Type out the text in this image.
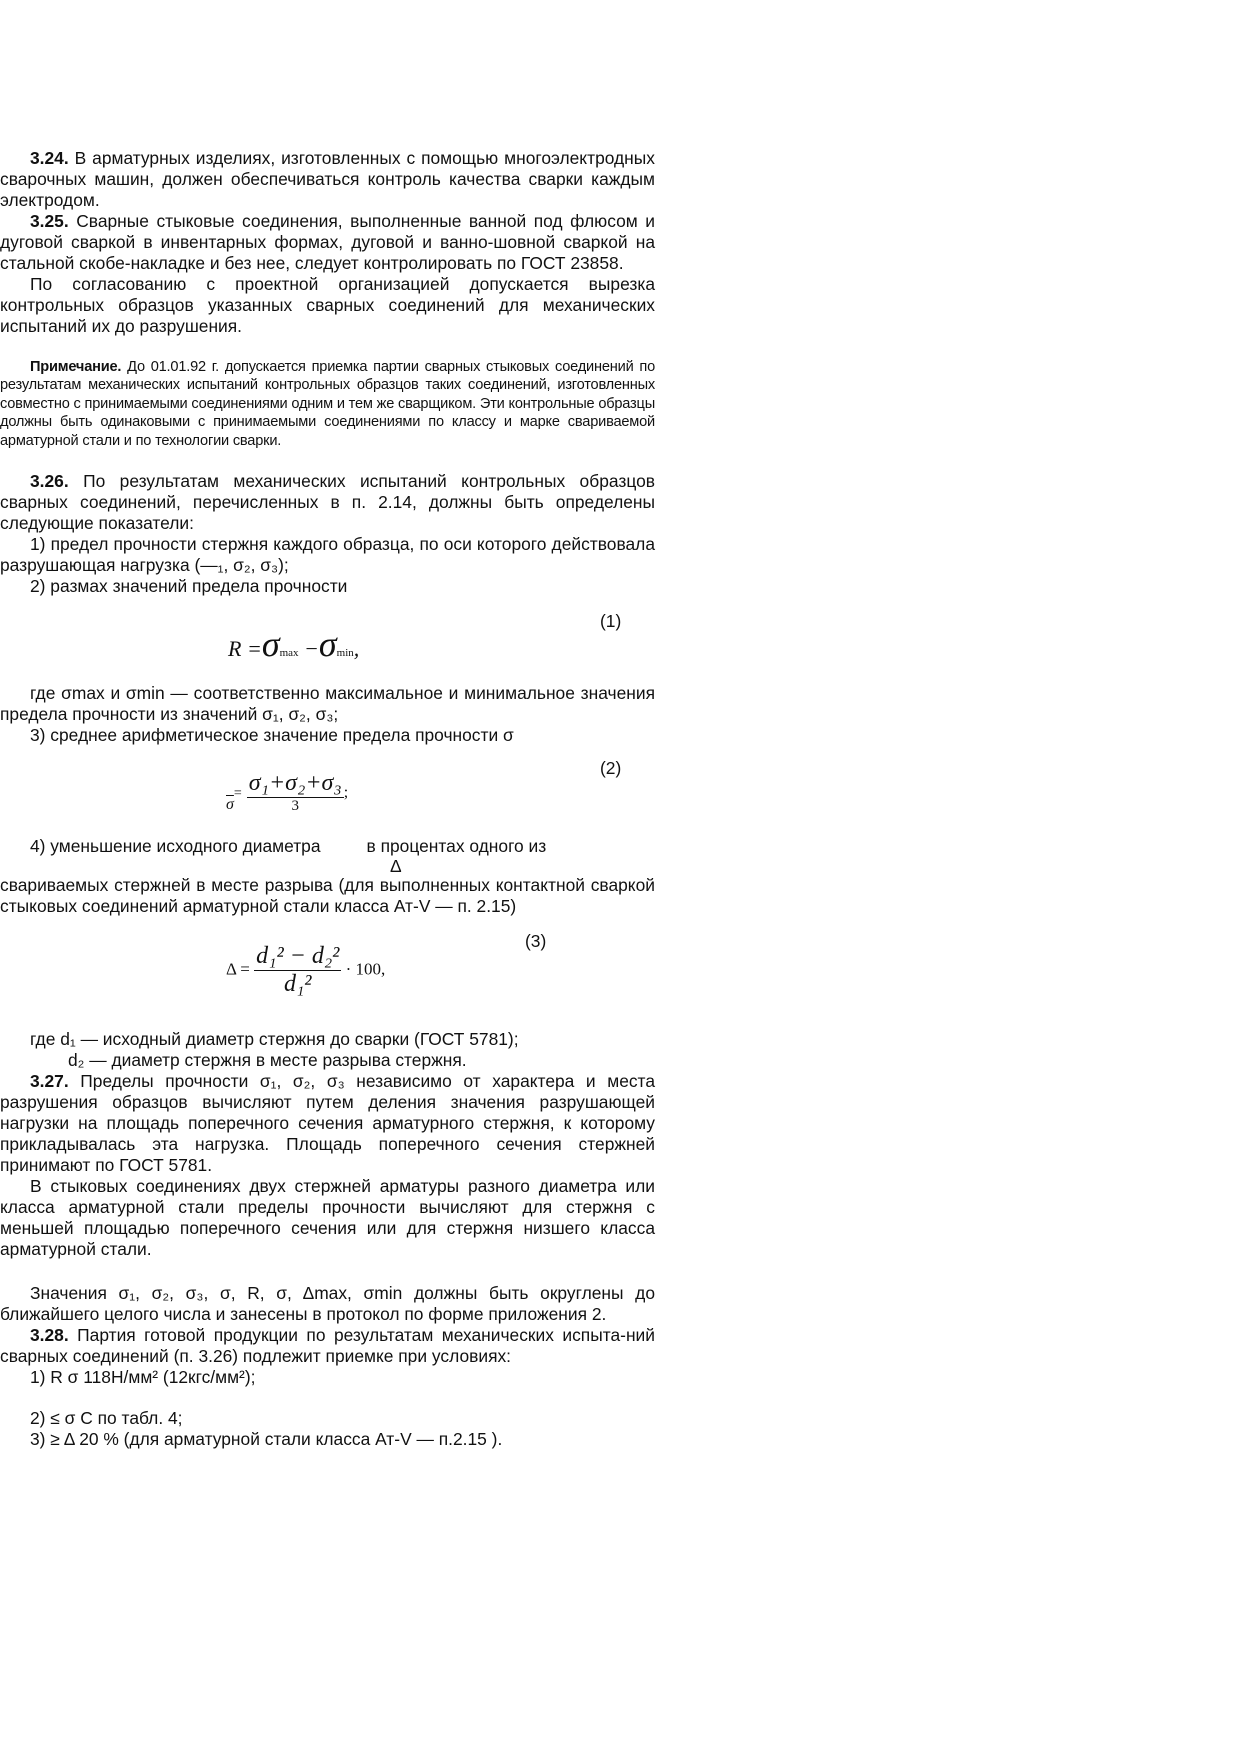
3.24. В арматурных изделиях, изготовленных с помощью многоэлектродных сварочных машин, должен обеспечиваться контроль качества сварки каждым электродом.

3.25. Сварные стыковые соединения, выполненные ванной под флюсом и дуговой сваркой в инвентарных формах, дуговой и ванно-шовной сваркой на стальной скобе-накладке и без нее, следует контролировать по ГОСТ 23858.

По согласованию с проектной организацией допускается вырезка контрольных образцов указанных сварных соединений для механических испытаний их до разрушения.

Примечание. До 01.01.92 г. допускается приемка партии сварных стыковых соединений по результатам механических испытаний контрольных образцов таких соединений, изготовленных совместно с принимаемыми соединениями одним и тем же сварщиком. Эти контрольные образцы должны быть одинаковыми с принимаемыми соединениями по классу и марке свариваемой арматурной стали и по технологии сварки.

3.26. По результатам механических испытаний контрольных образцов сварных соединений, перечисленных в п. 2.14, должны быть определены следующие показатели:

1) предел прочности стержня каждого образца, по оси которого действовала разрушающая нагрузка (—₁, σ₂, σ₃);

2) размах значений предела прочности

(1)
R =σmax −σmin,

где σmax и σmin — соответственно максимальное и минимальное значения предела прочности из значений σ₁, σ₂, σ₃;

3) среднее арифметическое значение предела прочности σ

(2)
$_{\overline{\sigma}}= \frac{\text{σ₁+σ₂+σ₃}}{3}$ ;

4) уменьшение исходного диаметра	в процентах одного из

Δ

свариваемых стержней в месте разрыва (для выполненных контактной сваркой стыковых соединений арматурной стали класса Ат-V — п. 2.15)

(3)
$\Delta = \frac{\text{d₁² − d₂²}}{\text{d₁²}} \cdot 100$,

где d₁ — исходный диаметр стержня до сварки (ГОСТ 5781);

d₂ — диаметр стержня в месте разрыва стержня.

3.27. Пределы прочности σ₁, σ₂, σ₃ независимо от характера и места разрушения образцов вычисляют путем деления значения разрушающей нагрузки на площадь поперечного сечения арматурного стержня, к которому прикладывалась эта нагрузка. Площадь поперечного сечения стержней принимают по ГОСТ 5781.

В стыковых соединениях двух стержней арматуры разного диаметра или класса арматурной стали пределы прочности вычисляют для стержня с меньшей площадью поперечного сечения или для стержня низшего класса арматурной стали.

Значения σ₁, σ₂, σ₃, σ, R, σ, Δmax, σmin должны быть округлены до ближайшего целого числа и занесены в протокол по форме приложения 2.

3.28. Партия готовой продукции по результатам механических испыта-ний сварных соединений (п. 3.26) подлежит приемке при условиях:

1) R σ 118Н/мм² (12кгс/мм²);

2) ≤ σ C по табл. 4;

3) ≥ Δ 20 % (для арматурной стали класса Ат-V — п.2.15 ).
